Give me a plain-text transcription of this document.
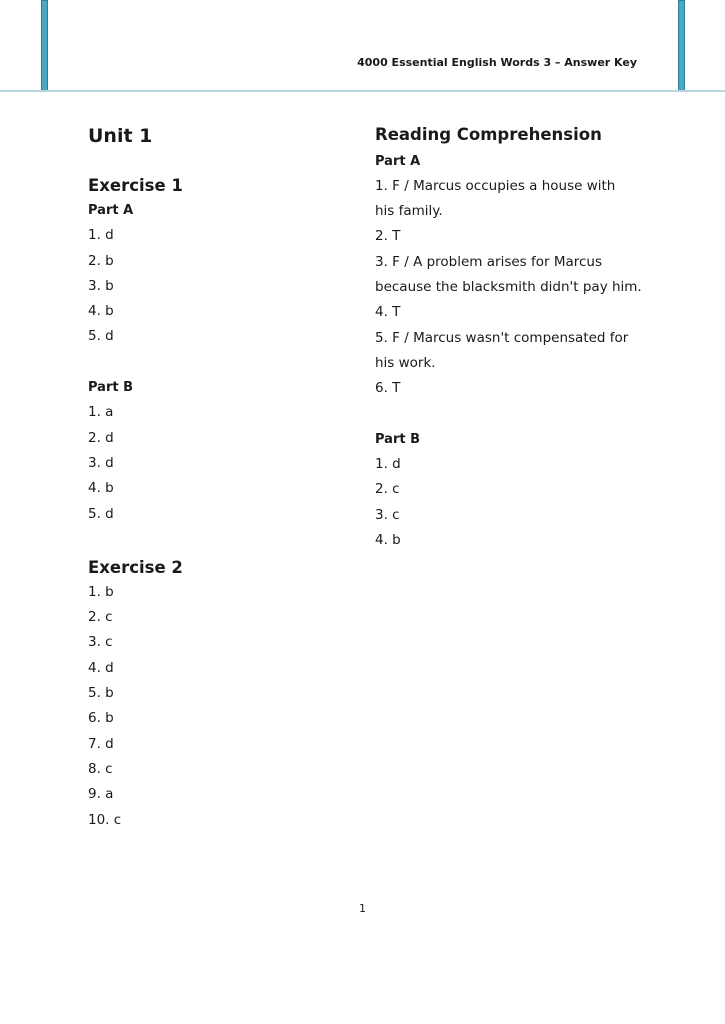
4000 Essential English Words 3 – Answer Key
Unit 1
Exercise 1
Part A
1. d
2. b
3. b
4. b
5. d
Part B
1. a
2. d
3. d
4. b
5. d
Exercise 2
1. b
2. c
3. c
4. d
5. b
6. b
7. d
8. c
9. a
10. c
Reading Comprehension
Part A
1. F / Marcus occupies a house with
his family.
2. T
3. F / A problem arises for Marcus
because the blacksmith didn't pay him.
4. T
5. F / Marcus wasn't compensated for
his work.
6. T
Part B
1. d
2. c
3. c
4. b
1
